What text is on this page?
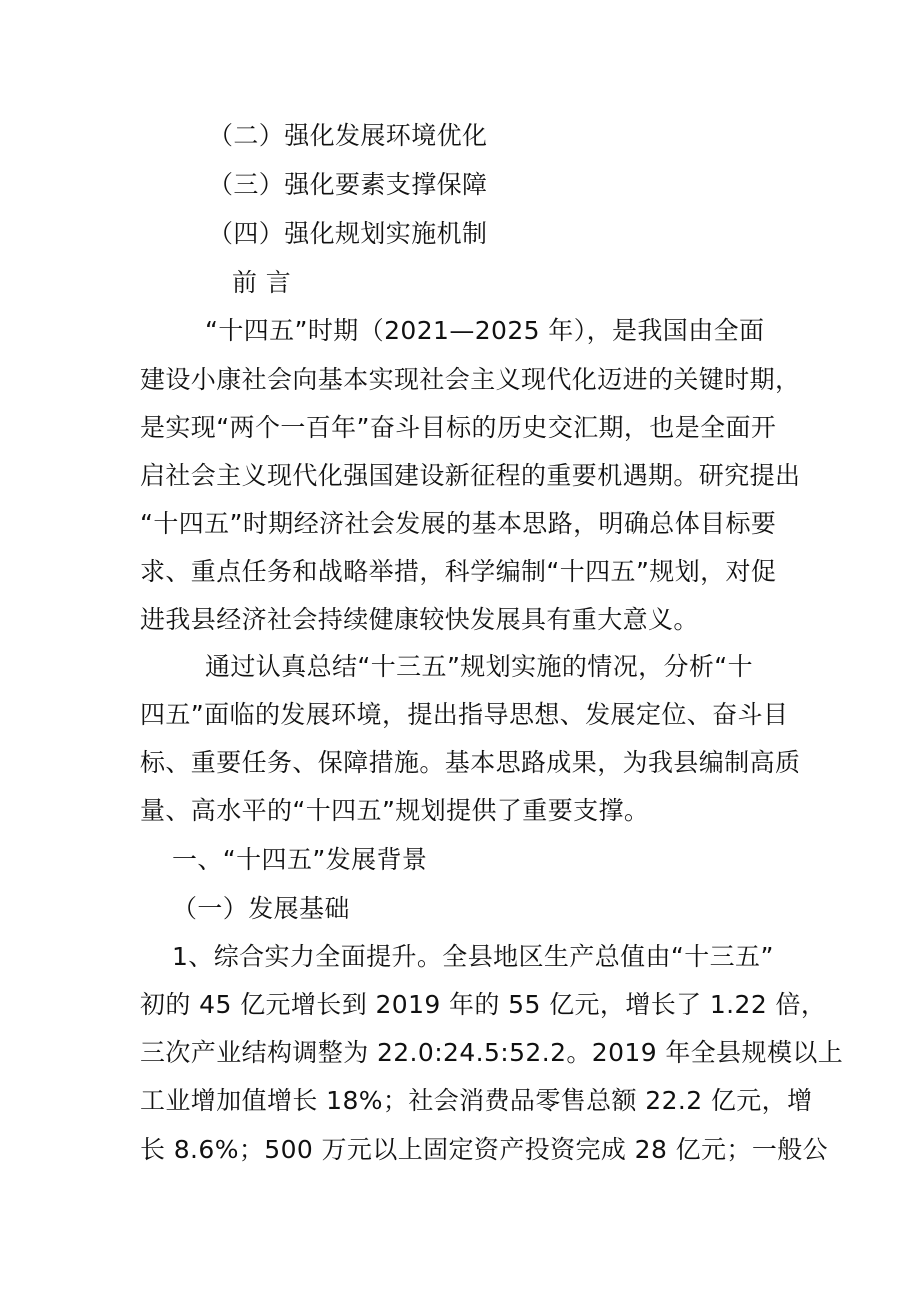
（二）强化发展环境优化
（三）强化要素支撑保障
（四）强化规划实施机制
前 言
“十四五”时期（2021—2025 年），是我国由全面
建设小康社会向基本实现社会主义现代化迈进的关键时期，
是实现“两个一百年”奋斗目标的历史交汇期，也是全面开
启社会主义现代化强国建设新征程的重要机遇期。研究提出
“十四五”时期经济社会发展的基本思路，明确总体目标要
求、重点任务和战略举措，科学编制“十四五”规划，对促
进我县经济社会持续健康较快发展具有重大意义。
通过认真总结“十三五”规划实施的情况，分析“十
四五”面临的发展环境，提出指导思想、发展定位、奋斗目
标、重要任务、保障措施。基本思路成果，为我县编制高质
量、高水平的“十四五”规划提供了重要支撑。
一、“十四五”发展背景
（一）发展基础
1、综合实力全面提升。全县地区生产总值由“十三五”
初的 45 亿元增长到 2019 年的 55 亿元，增长了 1.22 倍，
三次产业结构调整为 22.0:24.5:52.2。2019 年全县规模以上
工业增加值增长 18%；社会消费品零售总额 22.2 亿元，增
长 8.6%；500 万元以上固定资产投资完成 28 亿元；一般公
